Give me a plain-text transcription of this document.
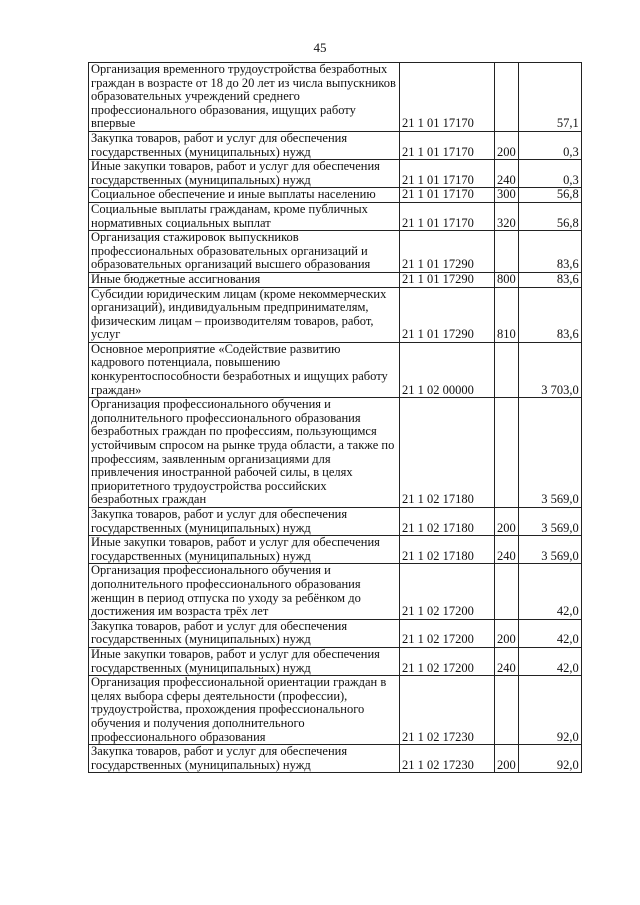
45
Организация временного трудоустройства безработных граждан в возрасте от 18 до 20 лет из числа выпускников образовательных учреждений среднего профессионального образования, ищущих работу впервые	21 1 01 17170		57,1
Закупка товаров, работ и услуг для обеспечения государственных (муниципальных) нужд	21 1 01 17170	200	0,3
Иные закупки товаров, работ и услуг для обеспечения государственных (муниципальных) нужд	21 1 01 17170	240	0,3
Социальное обеспечение и иные выплаты населению	21 1 01 17170	300	56,8
Социальные выплаты гражданам, кроме публичных нормативных социальных выплат	21 1 01 17170	320	56,8
Организация стажировок выпускников профессиональных образовательных организаций и образовательных организаций высшего образования	21 1 01 17290		83,6
Иные бюджетные ассигнования	21 1 01 17290	800	83,6
Субсидии юридическим лицам (кроме некоммерческих организаций), индивидуальным предпринимателям, физическим лицам – производителям товаров, работ, услуг	21 1 01 17290	810	83,6
Основное мероприятие «Содействие развитию кадрового потенциала, повышению конкурентоспособности безработных и ищущих работу граждан»	21 1 02 00000		3 703,0
Организация профессионального обучения и дополнительного профессионального образования безработных граждан по профессиям, пользующимся устойчивым спросом на рынке труда области, а также по профессиям, заявленным организациями для привлечения иностранной рабочей силы, в целях приоритетного трудоустройства российских безработных граждан	21 1 02 17180		3 569,0
Закупка товаров, работ и услуг для обеспечения государственных (муниципальных) нужд	21 1 02 17180	200	3 569,0
Иные закупки товаров, работ и услуг для обеспечения государственных (муниципальных) нужд	21 1 02 17180	240	3 569,0
Организация профессионального обучения и дополнительного профессионального образования женщин в период отпуска по уходу за ребёнком до достижения им возраста трёх лет	21 1 02 17200		42,0
Закупка товаров, работ и услуг для обеспечения государственных (муниципальных) нужд	21 1 02 17200	200	42,0
Иные закупки товаров, работ и услуг для обеспечения государственных (муниципальных) нужд	21 1 02 17200	240	42,0
Организация профессиональной ориентации граждан в целях выбора сферы деятельности (профессии), трудоустройства, прохождения профессионального обучения и получения дополнительного профессионального образования	21 1 02 17230		92,0
Закупка товаров, работ и услуг для обеспечения государственных (муниципальных) нужд	21 1 02 17230	200	92,0
